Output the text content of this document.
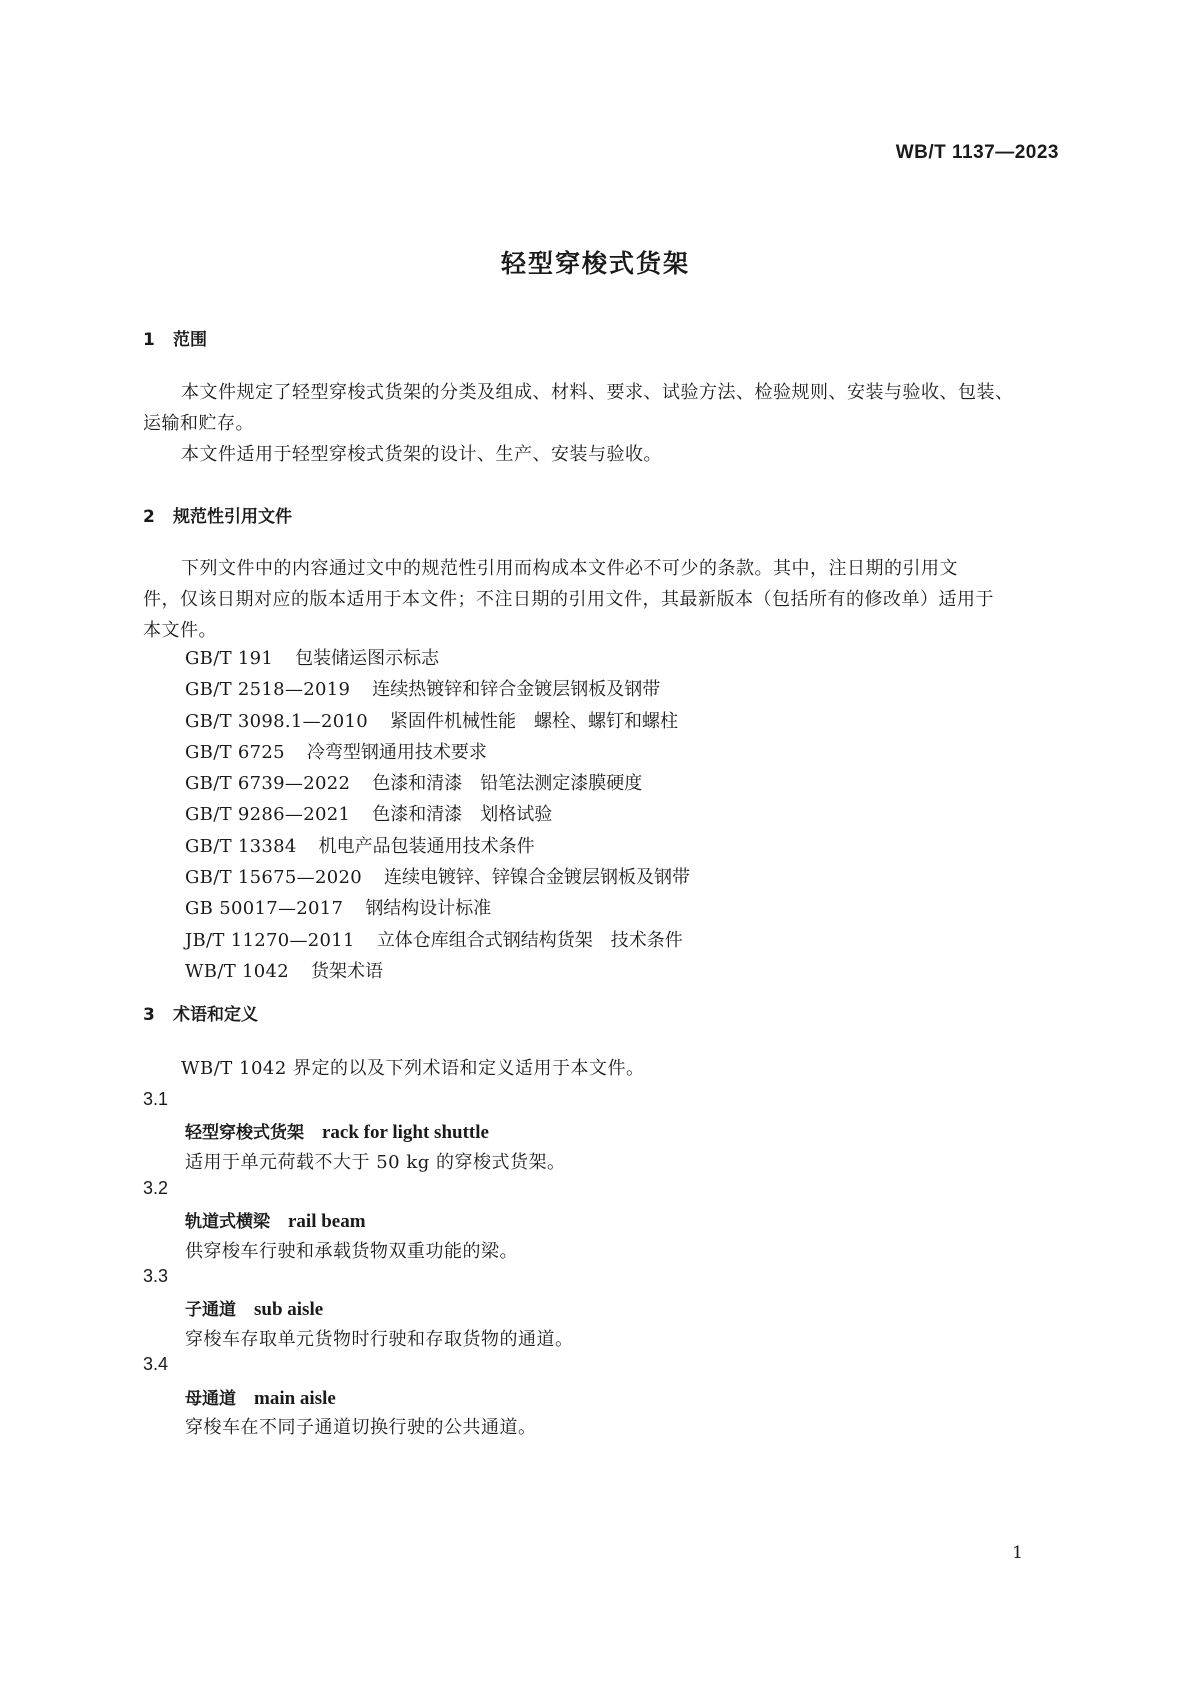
WB/T 1137—2023
轻型穿梭式货架
1 范围
本文件规定了轻型穿梭式货架的分类及组成、材料、要求、试验方法、检验规则、安装与验收、包装、
运输和贮存。
本文件适用于轻型穿梭式货架的设计、生产、安装与验收。
2 规范性引用文件
下列文件中的内容通过文中的规范性引用而构成本文件必不可少的条款。其中，注日期的引用文
件，仅该日期对应的版本适用于本文件；不注日期的引用文件，其最新版本（包括所有的修改单）适用于
本文件。
GB/T 191 包装储运图示标志
GB/T 2518—2019 连续热镀锌和锌合金镀层钢板及钢带
GB/T 3098.1—2010 紧固件机械性能　螺栓、螺钉和螺柱
GB/T 6725 冷弯型钢通用技术要求
GB/T 6739—2022 色漆和清漆　铅笔法测定漆膜硬度
GB/T 9286—2021 色漆和清漆　划格试验
GB/T 13384 机电产品包装通用技术条件
GB/T 15675—2020 连续电镀锌、锌镍合金镀层钢板及钢带
GB 50017—2017 钢结构设计标准
JB/T 11270—2011 立体仓库组合式钢结构货架　技术条件
WB/T 1042 货架术语
3 术语和定义
WB/T 1042 界定的以及下列术语和定义适用于本文件。
3.1
轻型穿梭式货架 rack for light shuttle
适用于单元荷载不大于 50 kg 的穿梭式货架。
3.2
轨道式横梁 rail beam
供穿梭车行驶和承载货物双重功能的梁。
3.3
子通道 sub aisle
穿梭车存取单元货物时行驶和存取货物的通道。
3.4
母通道 main aisle
穿梭车在不同子通道切换行驶的公共通道。
1
